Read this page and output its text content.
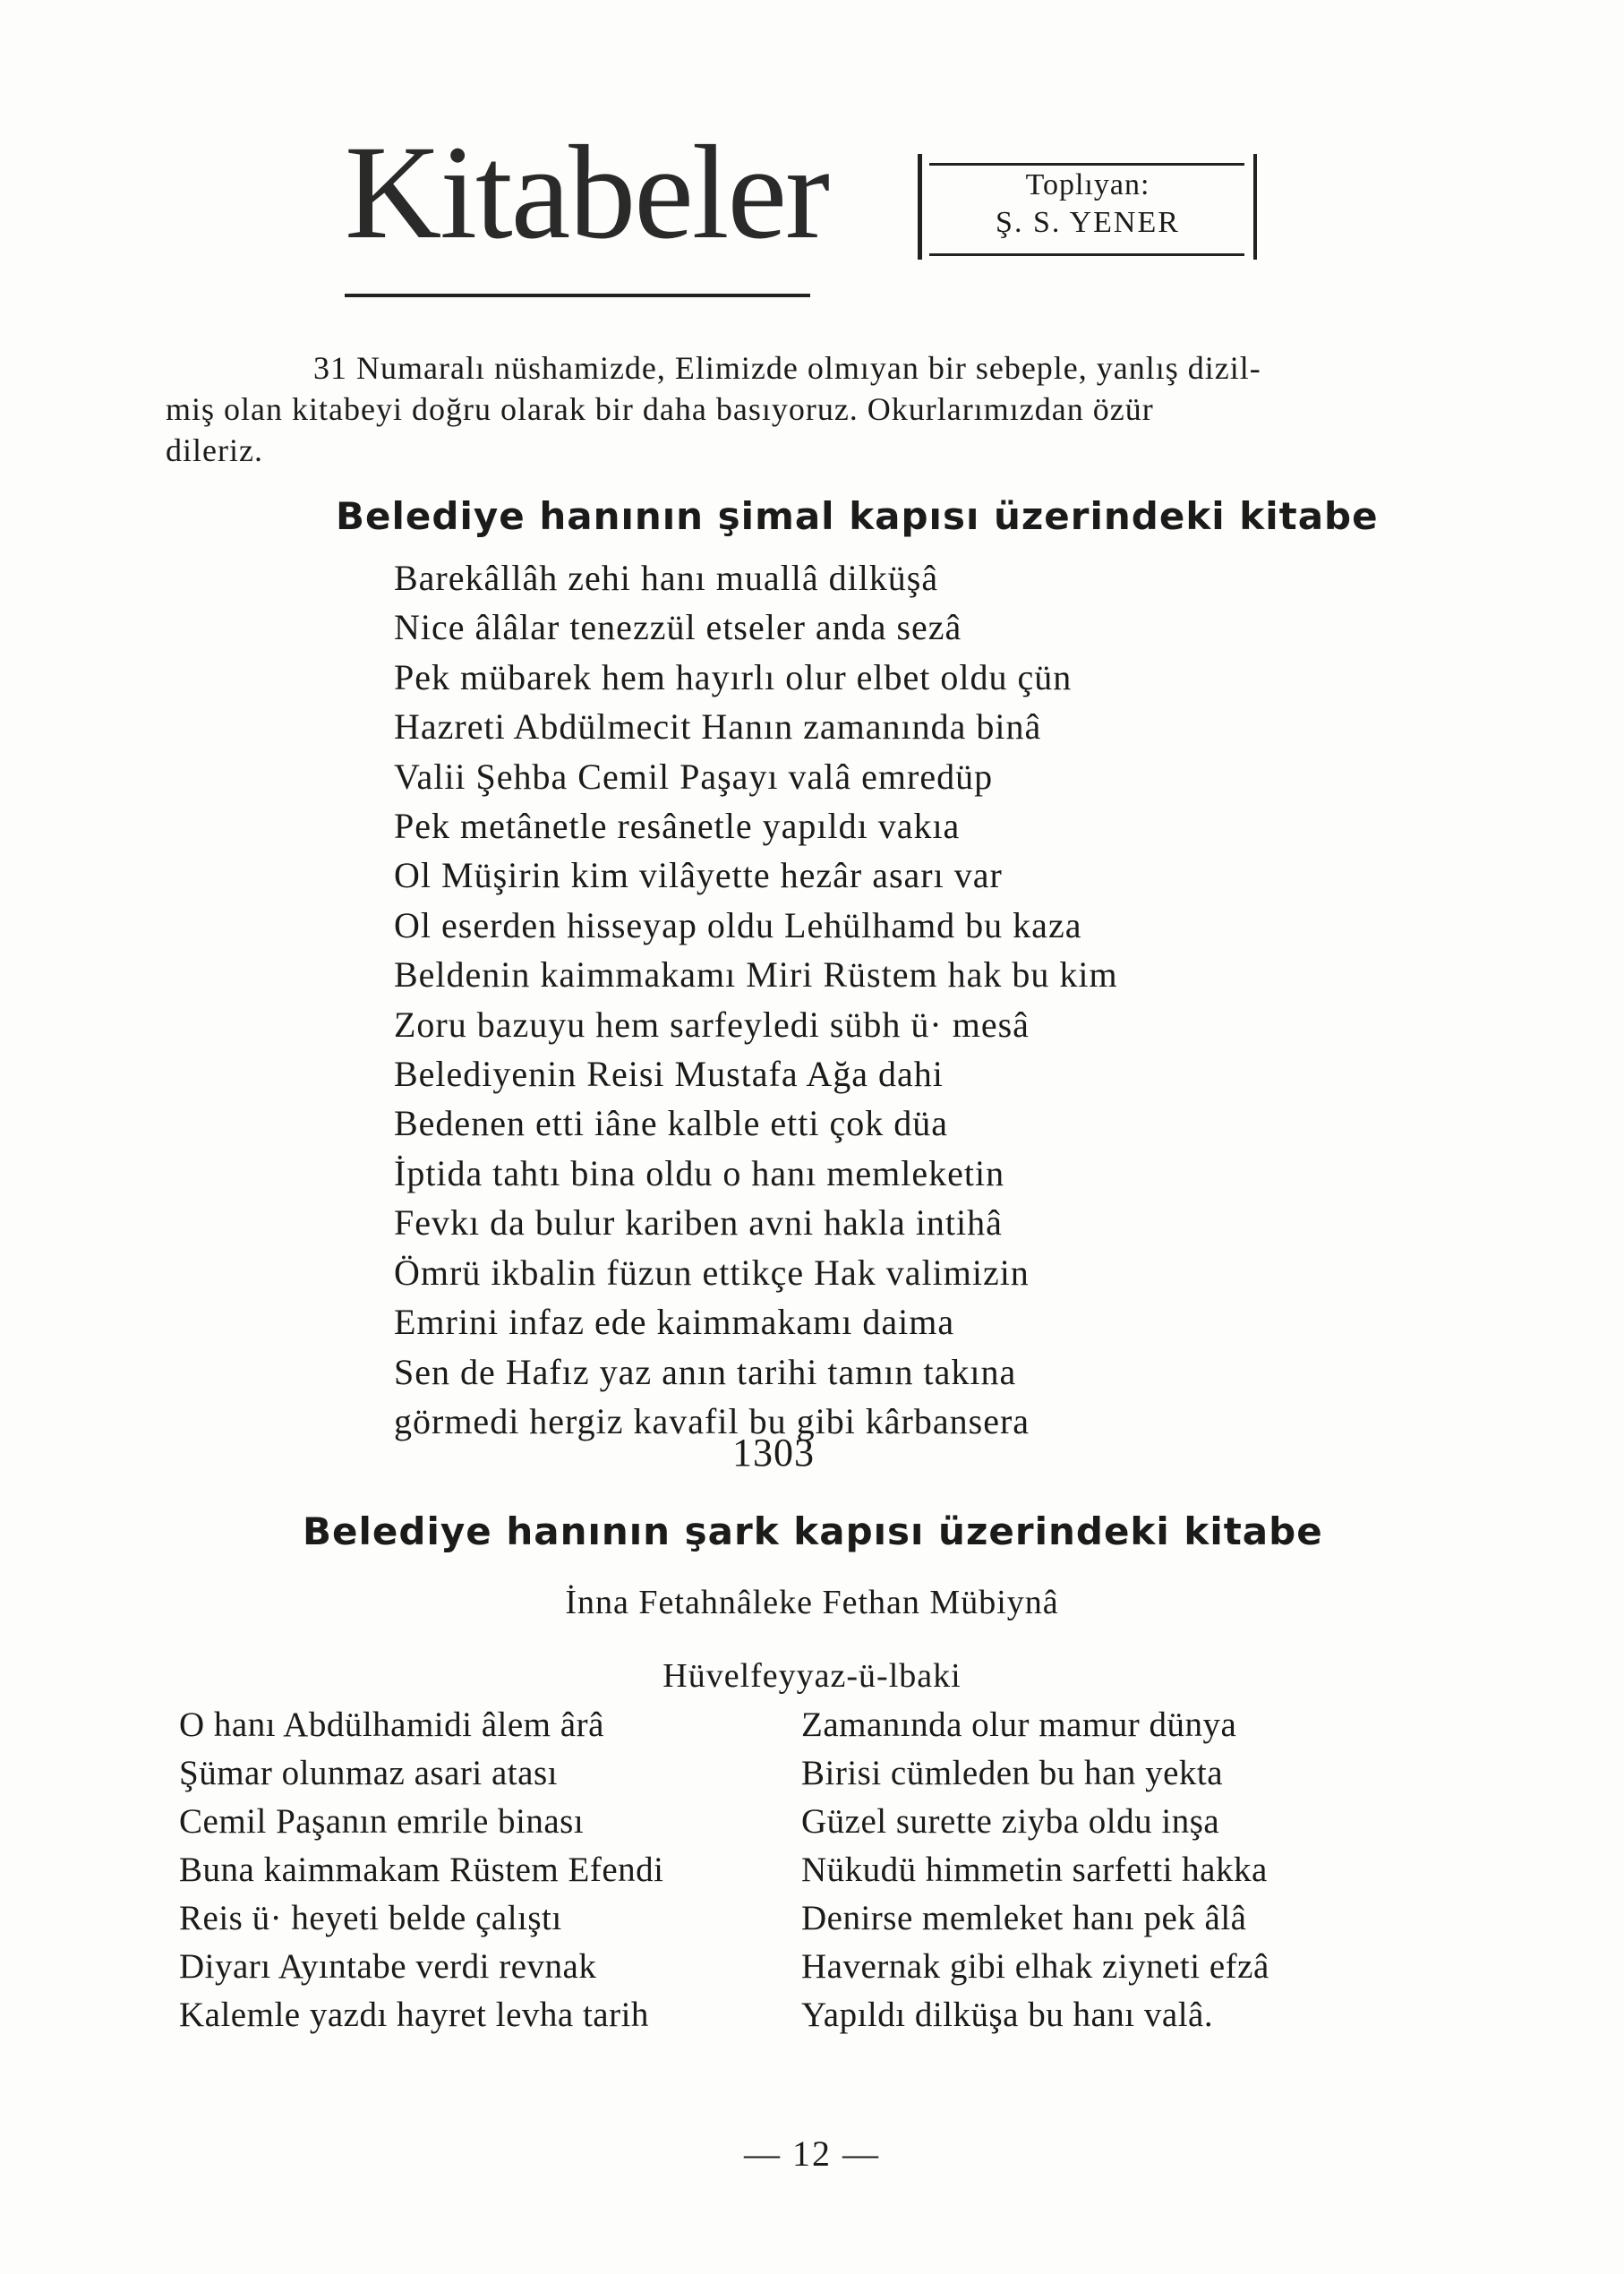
Kitabeler	Toplıyan:
Ş. S. YENER
31 Numaralı nüshamizde, Elimizde olmıyan bir sebeple, yanlış dizil-
miş olan kitabeyi doğru olarak bir daha basıyoruz. Okurlarımızdan özür
dileriz.
Belediye hanının şimal kapısı üzerindeki kitabe
Barekâllâh zehi hanı muallâ dilküşâ
Nice âlâlar tenezzül etseler anda sezâ
Pek mübarek hem hayırlı olur elbet oldu çün
Hazreti Abdülmecit Hanın zamanında binâ
Valii Şehba Cemil Paşayı valâ emredüp
Pek metânetle resânetle yapıldı vakıa
Ol Müşirin kim vilâyette hezâr asarı var
Ol eserden hisseyap oldu Lehülhamd bu kaza
Beldenin kaimmakamı Miri Rüstem hak bu kim
Zoru bazuyu hem sarfeyledi sübh ü· mesâ
Belediyenin Reisi Mustafa Ağa dahi
Bedenen etti iâne kalble etti çok düa
İptida tahtı bina oldu o hanı memleketin
Fevkı da bulur kariben avni hakla intihâ
Ömrü ikbalin füzun ettikçe Hak valimizin
Emrini infaz ede kaimmakamı daima
Sen de Hafız yaz anın tarihi tamın takına
görmedi hergiz kavafil bu gibi kârbansera
1303
Belediye hanının şark kapısı üzerindeki kitabe
İnna Fetahnâleke Fethan Mübiynâ
Hüvelfeyyaz-ü-lbaki
O hanı Abdülhamidi âlem ârâ
Şümar olunmaz asari atası
Cemil Paşanın emrile binası
Buna kaimmakam Rüstem Efendi
Reis ü· heyeti belde çalıştı
Diyarı Ayıntabe verdi revnak
Kalemle yazdı hayret levha tarih
Zamanında olur mamur dünya
Birisi cümleden bu han yekta
Güzel surette ziyba oldu inşa
Nükudü himmetin sarfetti hakka
Denirse memleket hanı pek âlâ
Havernak gibi elhak ziyneti efzâ
Yapıldı dilküşa bu hanı valâ.
— 12 —
